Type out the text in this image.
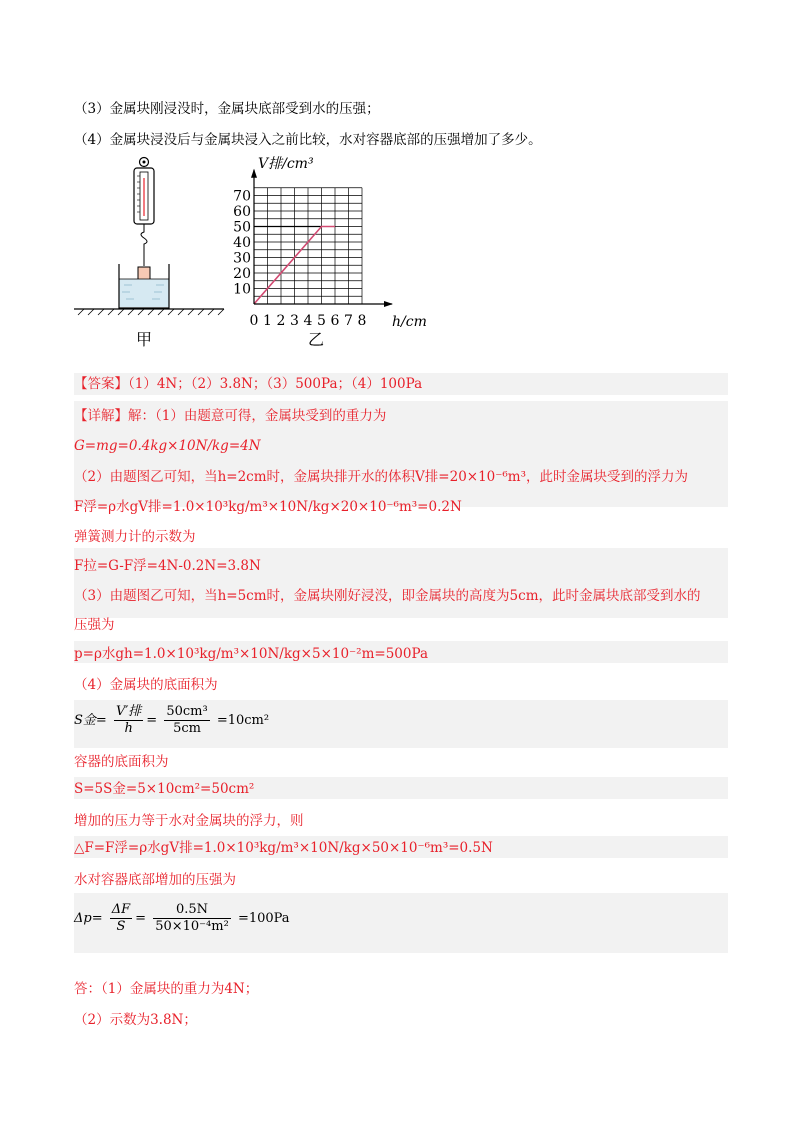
（3）金属块刚浸没时，金属块底部受到水的压强；
（4）金属块浸没后与金属块浸入之前比较，水对容器底部的压强增加了多少。
甲
10
20
30
40
50
60
70
0 1 2 3 4 5 6 7 8
V排/cm³
h/cm
乙
【答案】（1）4N；（2）3.8N；（3）500Pa；（4）100Pa
【详解】解：（1）由题意可得，金属块受到的重力为
G=mg=0.4kg×10N/kg=4N
（2）由题图乙可知，当h=2cm时，金属块排开水的体积V排=20×10⁻⁶m³，此时金属块受到的浮力为
F浮=ρ水gV排=1.0×10³kg/m³×10N/kg×20×10⁻⁶m³=0.2N
弹簧测力计的示数为
F拉=G-F浮=4N-0.2N=3.8N
（3）由题图乙可知，当h=5cm时，金属块刚好浸没，即金属块的高度为5cm，此时金属块底部受到水的
压强为
p=ρ水gh=1.0×10³kg/m³×10N/kg×5×10⁻²m=500Pa
（4）金属块的底面积为
S金= $\frac{\text{V′排}}{h} = \frac{\text{50cm³}}{5cm} =10cm^2$
容器的底面积为
S=5S金=5×10cm²=50cm²
增加的压力等于水对金属块的浮力，则
△F=F浮=ρ水gV排=1.0×10³kg/m³×10N/kg×50×10⁻⁶m³=0.5N
水对容器底部增加的压强为
$\Delta p= \frac{\Delta F}{S} = \frac{0.5N}{\text{50×10⁻⁴m²}} =100Pa$
答：（1）金属块的重力为4N；
（2）示数为3.8N；
